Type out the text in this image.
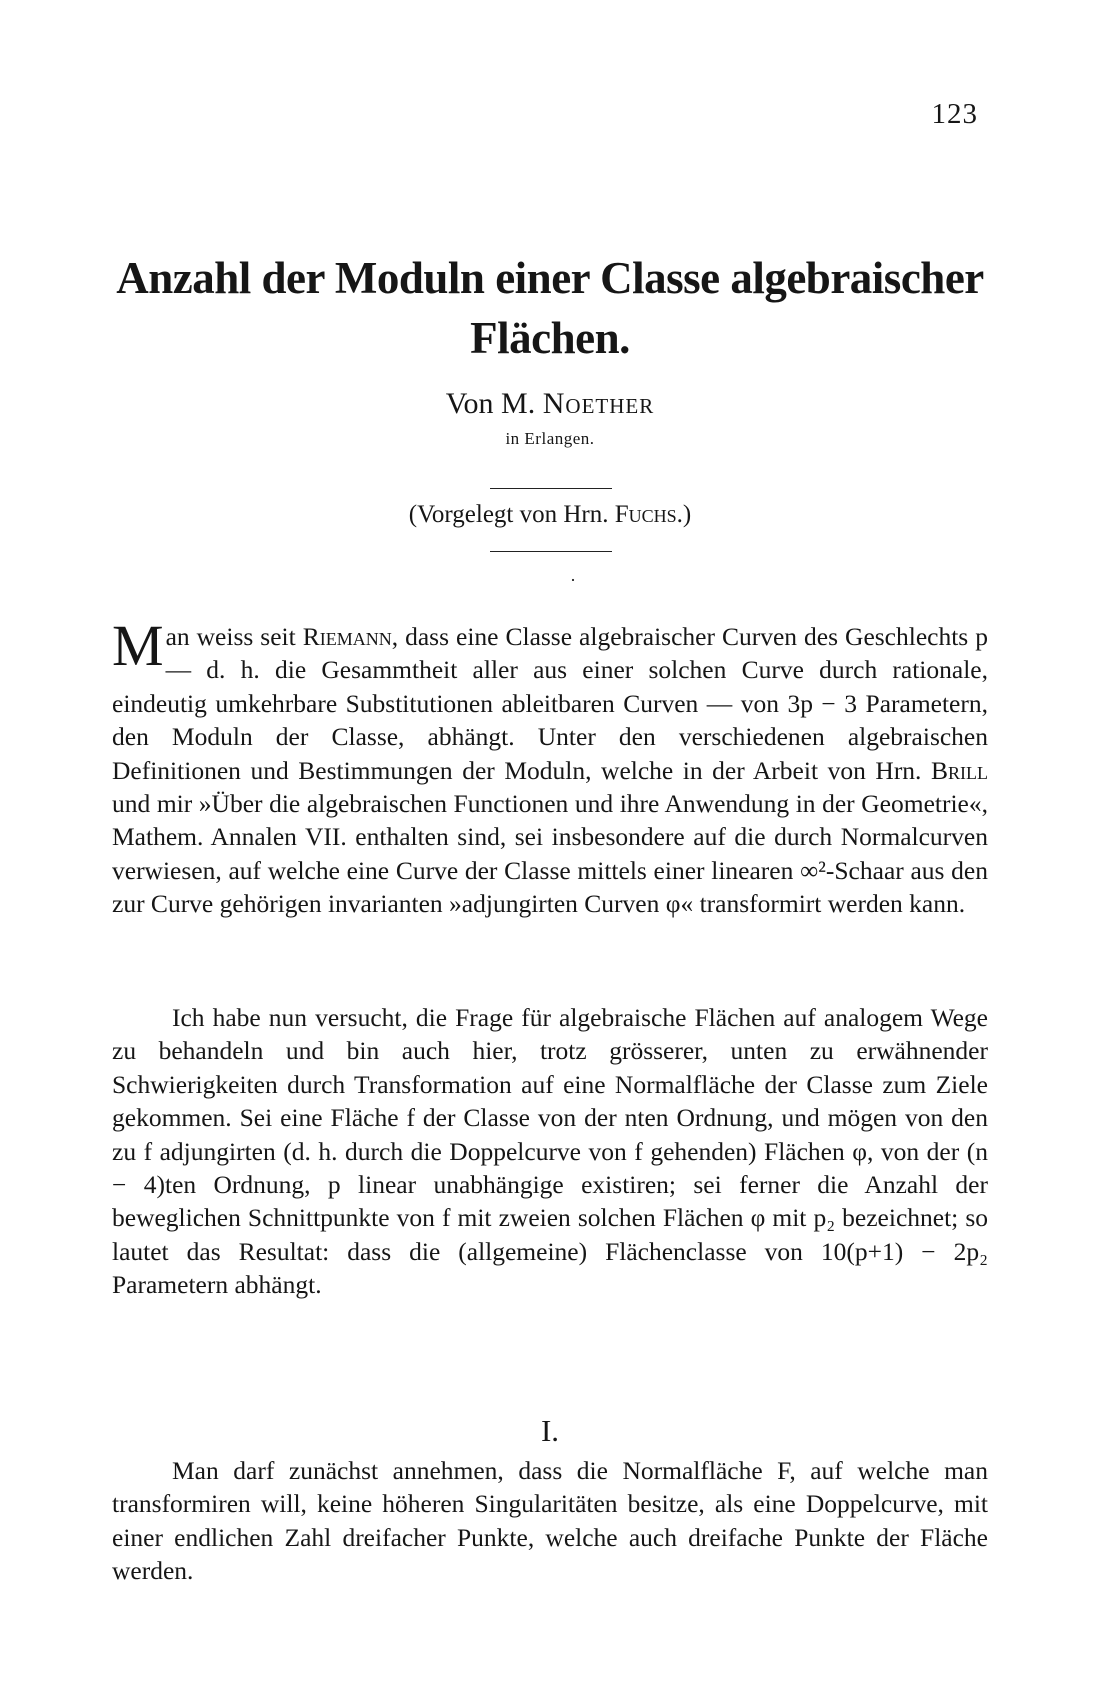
123
Anzahl der Moduln einer Classe algebraischer
Flächen.
Von M. Noether
in Erlangen.
(Vorgelegt von Hrn. Fuchs.)
·

Man weiss seit Riemann, dass eine Classe algebraischer Curven des Geschlechts p — d. h. die Gesammtheit aller aus einer solchen Curve durch rationale, eindeutig umkehrbare Substitutionen ableitbaren Curven — von 3p − 3 Parametern, den Moduln der Classe, abhängt. Unter den verschiedenen algebraischen Definitionen und Bestimmungen der Moduln, welche in der Arbeit von Hrn. Brill und mir »Über die algebraischen Functionen und ihre Anwendung in der Geometrie«, Mathem. Annalen VII. enthalten sind, sei insbesondere auf die durch Normalcurven verwiesen, auf welche eine Curve der Classe mittels einer linearen ∞²-Schaar aus den zur Curve gehörigen invarianten »adjungirten Curven φ« transformirt werden kann.

Ich habe nun versucht, die Frage für algebraische Flächen auf analogem Wege zu behandeln und bin auch hier, trotz grösserer, unten zu erwähnender Schwierigkeiten durch Transformation auf eine Normalfläche der Classe zum Ziele gekommen. Sei eine Fläche f der Classe von der nten Ordnung, und mögen von den zu f adjungirten (d. h. durch die Doppelcurve von f gehenden) Flächen φ, von der (n − 4)ten Ordnung, p linear unabhängige existiren; sei ferner die Anzahl der beweglichen Schnittpunkte von f mit zweien solchen Flächen φ mit p₂ bezeichnet; so lautet das Resultat: dass die (allgemeine) Flächenclasse von 10(p+1) − 2p₂ Parametern abhängt.

I.

Man darf zunächst annehmen, dass die Normalfläche F, auf welche man transformiren will, keine höheren Singularitäten besitze, als eine Doppelcurve, mit einer endlichen Zahl dreifacher Punkte, welche auch dreifache Punkte der Fläche werden.
